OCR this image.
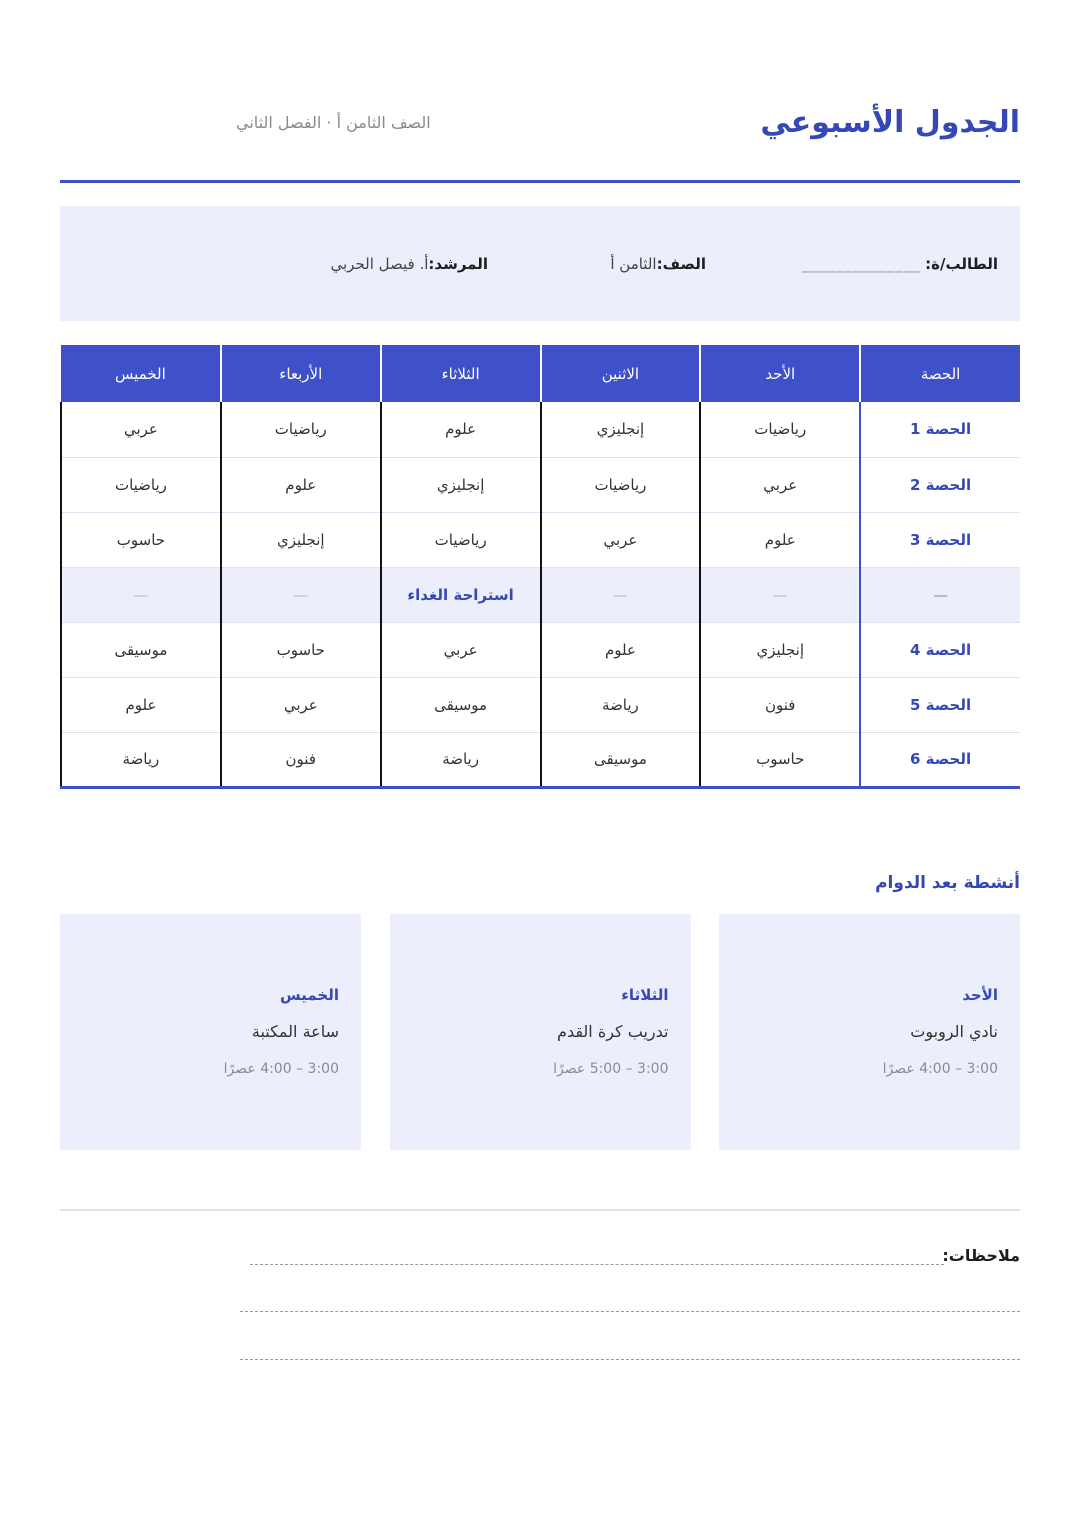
الجدول الأسبوعي
الصف الثامن أ · الفصل الثاني
الطالب/ة:
______________
الصف:
الثامن أ
المرشد:
أ. فيصل الحربي
الحصة	الأحد	الاثنين	الثلاثاء	الأربعاء	الخميس
الحصة 1	رياضيات	إنجليزي	علوم	رياضيات	عربي
الحصة 2	عربي	رياضيات	إنجليزي	علوم	رياضيات
الحصة 3	علوم	عربي	رياضيات	إنجليزي	حاسوب
—	—	—	استراحة الغداء	—	—
الحصة 4	إنجليزي	علوم	عربي	حاسوب	موسيقى
الحصة 5	فنون	رياضة	موسيقى	عربي	علوم
الحصة 6	حاسوب	موسيقى	رياضة	فنون	رياضة
أنشطة بعد الدوام
الأحد
نادي الروبوت
3:00 – 4:00 عصرًا
الثلاثاء
تدريب كرة القدم
3:00 – 5:00 عصرًا
الخميس
ساعة المكتبة
3:00 – 4:00 عصرًا
ملاحظات:
